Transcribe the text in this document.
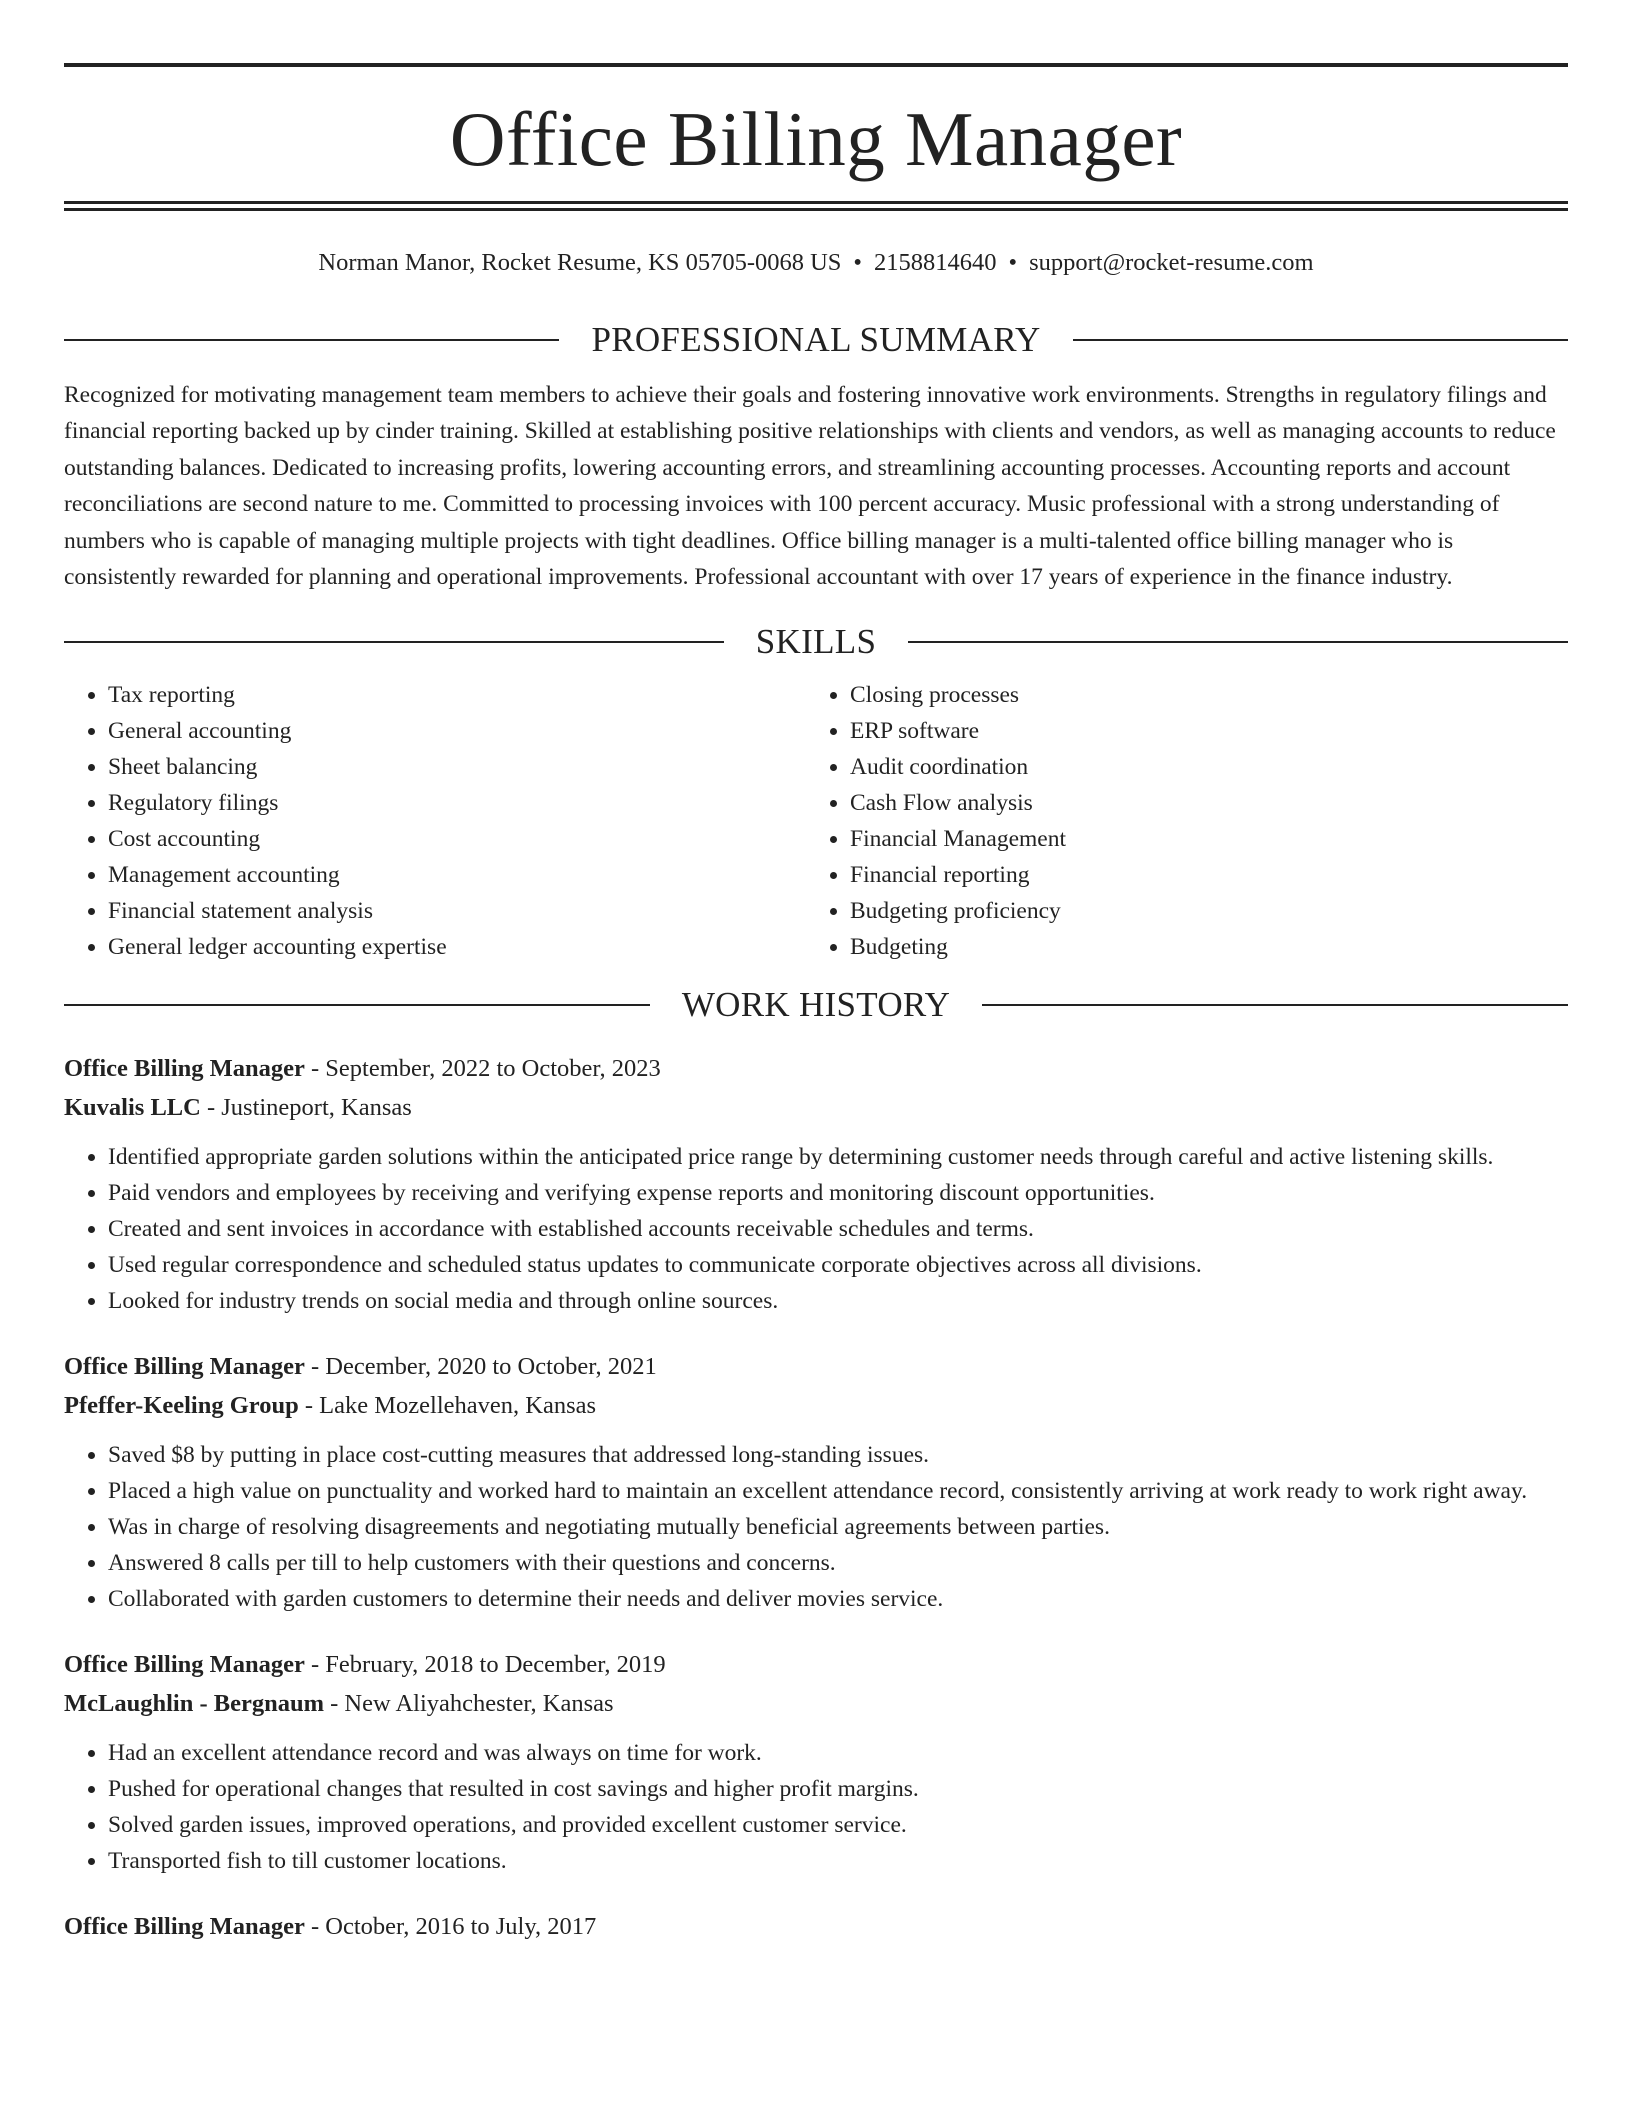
Office Billing Manager
Norman Manor, Rocket Resume, KS 05705-0068 US • 2158814640 • support@rocket-resume.com
PROFESSIONAL SUMMARY
Recognized for motivating management team members to achieve their goals and fostering innovative work environments. Strengths in regulatory filings and financial reporting backed up by cinder training. Skilled at establishing positive relationships with clients and vendors, as well as managing accounts to reduce outstanding balances. Dedicated to increasing profits, lowering accounting errors, and streamlining accounting processes. Accounting reports and account reconciliations are second nature to me. Committed to processing invoices with 100 percent accuracy. Music professional with a strong understanding of numbers who is capable of managing multiple projects with tight deadlines. Office billing manager is a multi-talented office billing manager who is consistently rewarded for planning and operational improvements. Professional accountant with over 17 years of experience in the finance industry.
SKILLS
• Tax reporting
• General accounting
• Sheet balancing
• Regulatory filings
• Cost accounting
• Management accounting
• Financial statement analysis
• General ledger accounting expertise
• Closing processes
• ERP software
• Audit coordination
• Cash Flow analysis
• Financial Management
• Financial reporting
• Budgeting proficiency
• Budgeting
WORK HISTORY
Office Billing Manager - September, 2022 to October, 2023
Kuvalis LLC - Justineport, Kansas
• Identified appropriate garden solutions within the anticipated price range by determining customer needs through careful and active listening skills.
• Paid vendors and employees by receiving and verifying expense reports and monitoring discount opportunities.
• Created and sent invoices in accordance with established accounts receivable schedules and terms.
• Used regular correspondence and scheduled status updates to communicate corporate objectives across all divisions.
• Looked for industry trends on social media and through online sources.
Office Billing Manager - December, 2020 to October, 2021
Pfeffer-Keeling Group - Lake Mozellehaven, Kansas
• Saved $8 by putting in place cost-cutting measures that addressed long-standing issues.
• Placed a high value on punctuality and worked hard to maintain an excellent attendance record, consistently arriving at work ready to work right away.
• Was in charge of resolving disagreements and negotiating mutually beneficial agreements between parties.
• Answered 8 calls per till to help customers with their questions and concerns.
• Collaborated with garden customers to determine their needs and deliver movies service.
Office Billing Manager - February, 2018 to December, 2019
McLaughlin - Bergnaum - New Aliyahchester, Kansas
• Had an excellent attendance record and was always on time for work.
• Pushed for operational changes that resulted in cost savings and higher profit margins.
• Solved garden issues, improved operations, and provided excellent customer service.
• Transported fish to till customer locations.
Office Billing Manager - October, 2016 to July, 2017
